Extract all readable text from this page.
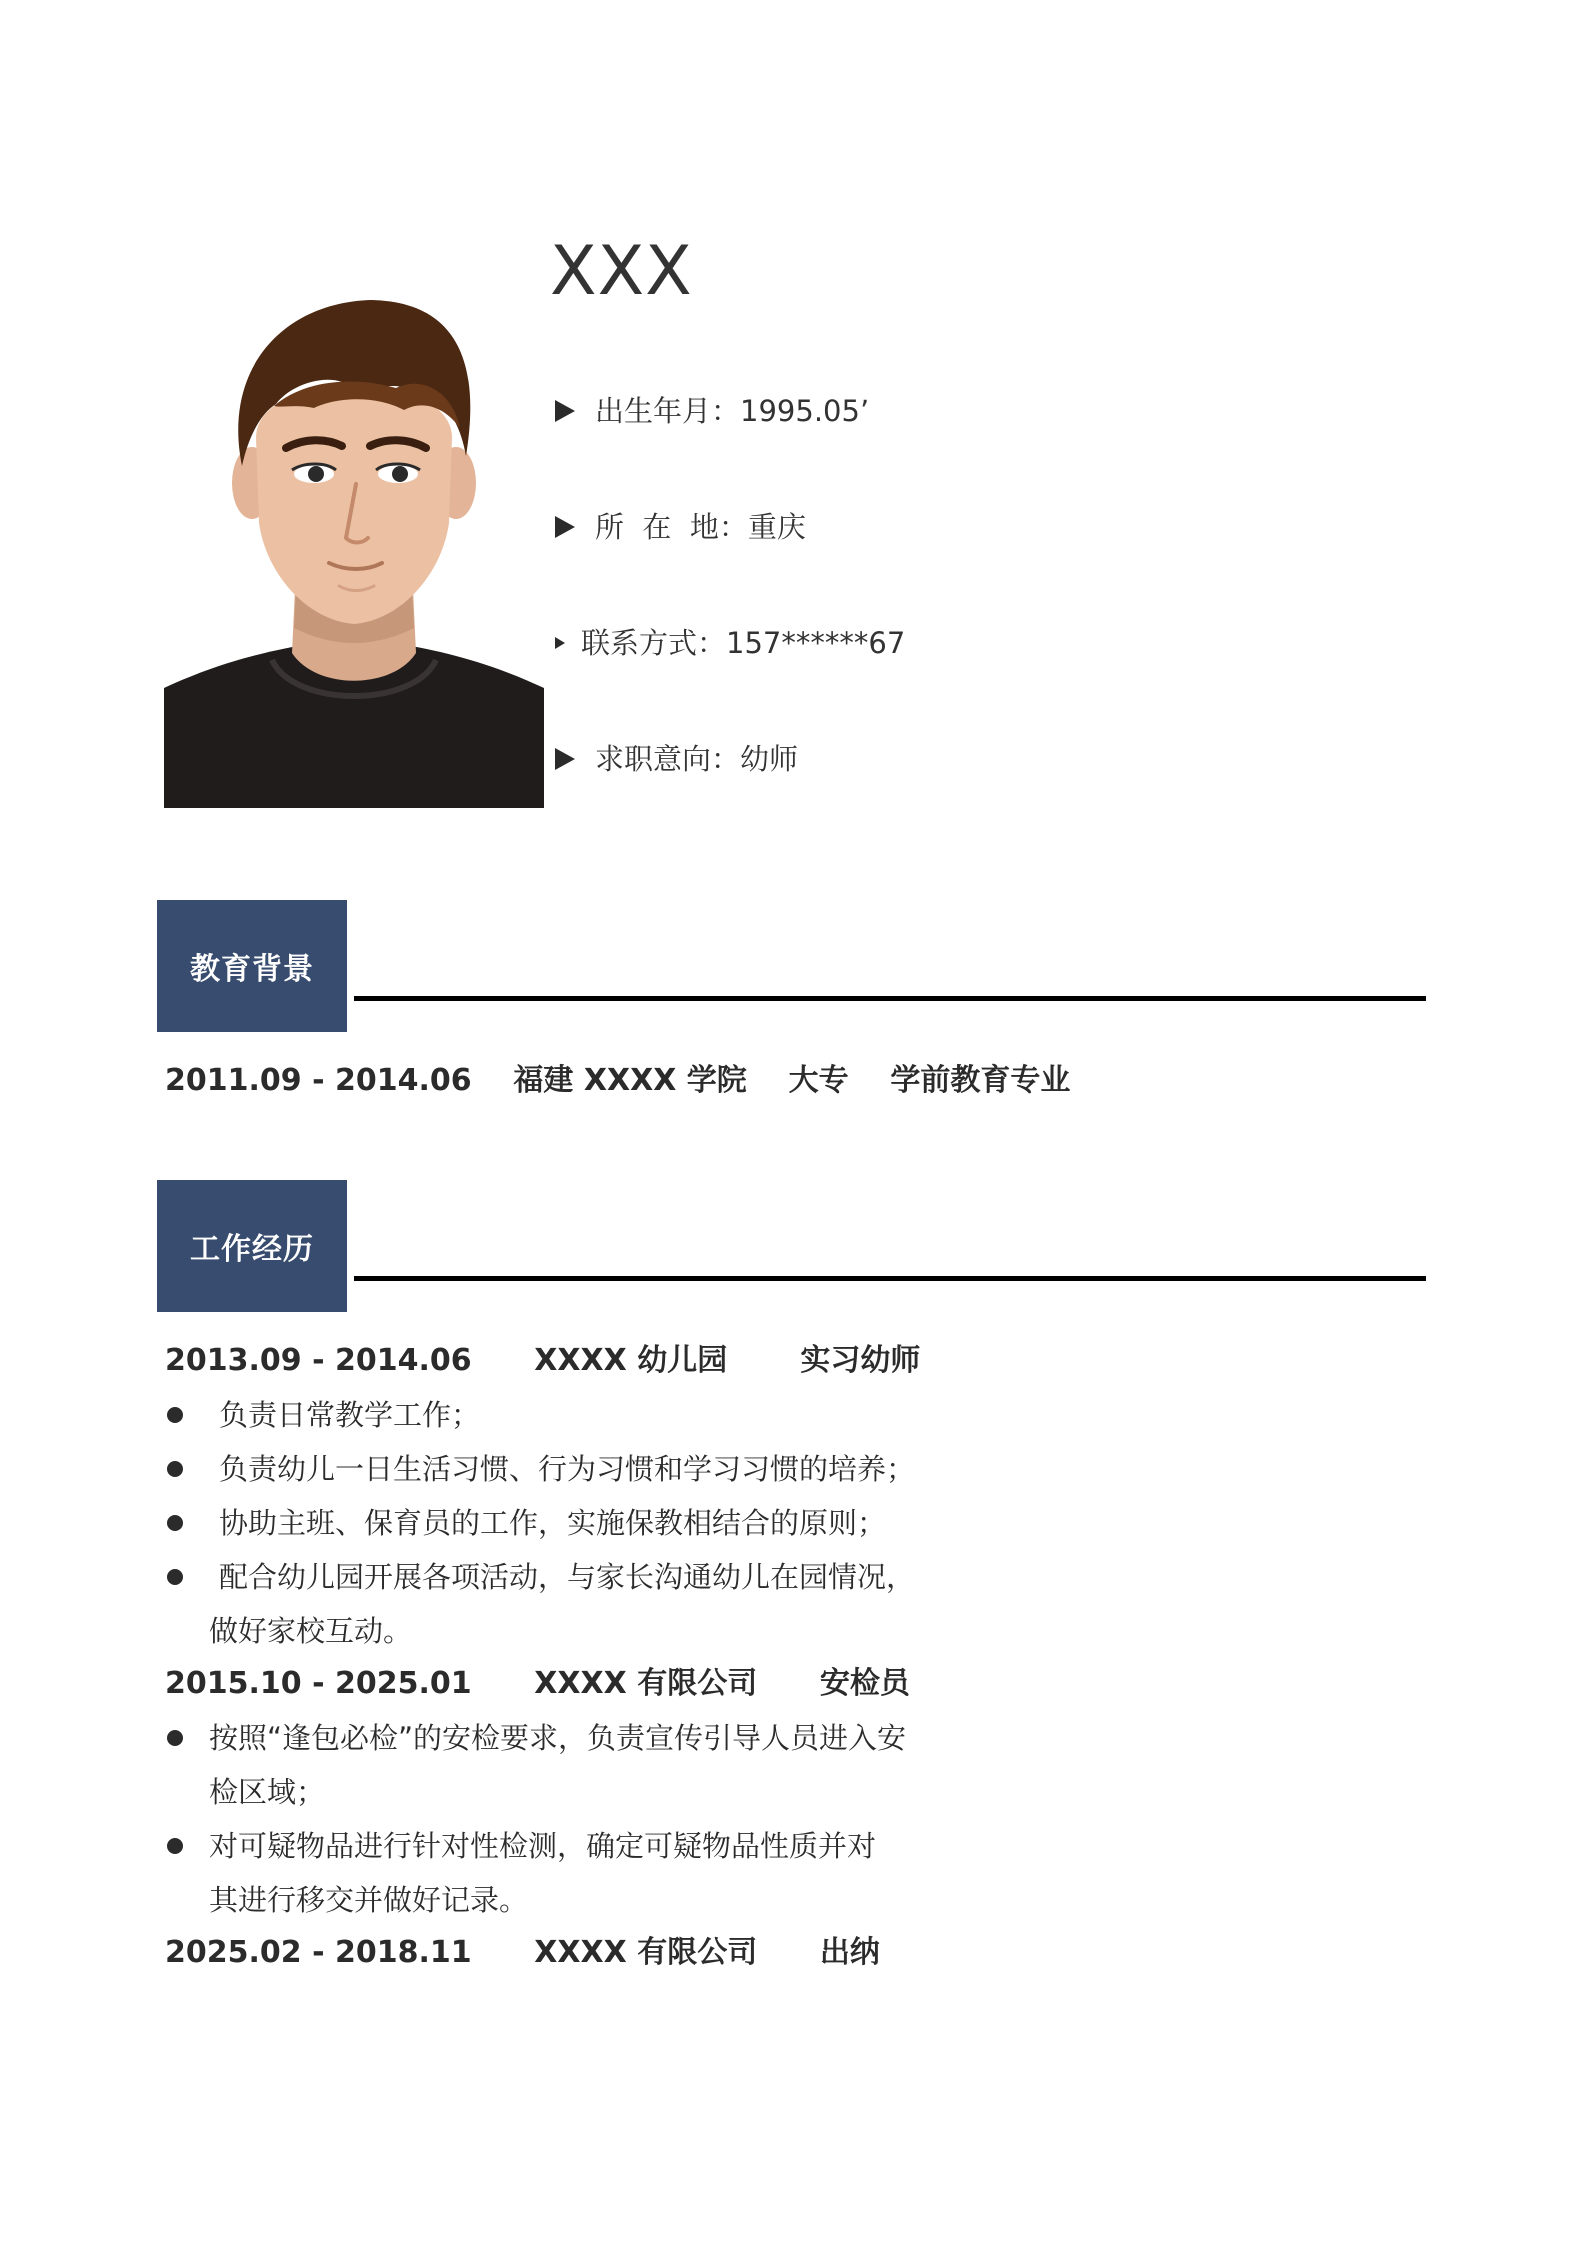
XXX
出生年月： 1995.05’
所  在  地： 重庆
联系方式： 157******67
求职意向： 幼师
教育背景
2011.09 - 2014.06    福建 XXXX 学院    大专    学前教育专业
工作经历
2013.09 - 2014.06      XXXX 幼儿园       实习幼师
负责日常教学工作；
负责幼儿一日生活习惯、行为习惯和学习习惯的培养；
协助主班、保育员的工作，实施保教相结合的原则；
配合幼儿园开展各项活动，与家长沟通幼儿在园情况，
做好家校互动。
2015.10 - 2025.01      XXXX 有限公司      安检员
按照“逢包必检”的安检要求，负责宣传引导人员进入安
检区域；
对可疑物品进行针对性检测，确定可疑物品性质并对
其进行移交并做好记录。
2025.02 - 2018.11      XXXX 有限公司      出纳
